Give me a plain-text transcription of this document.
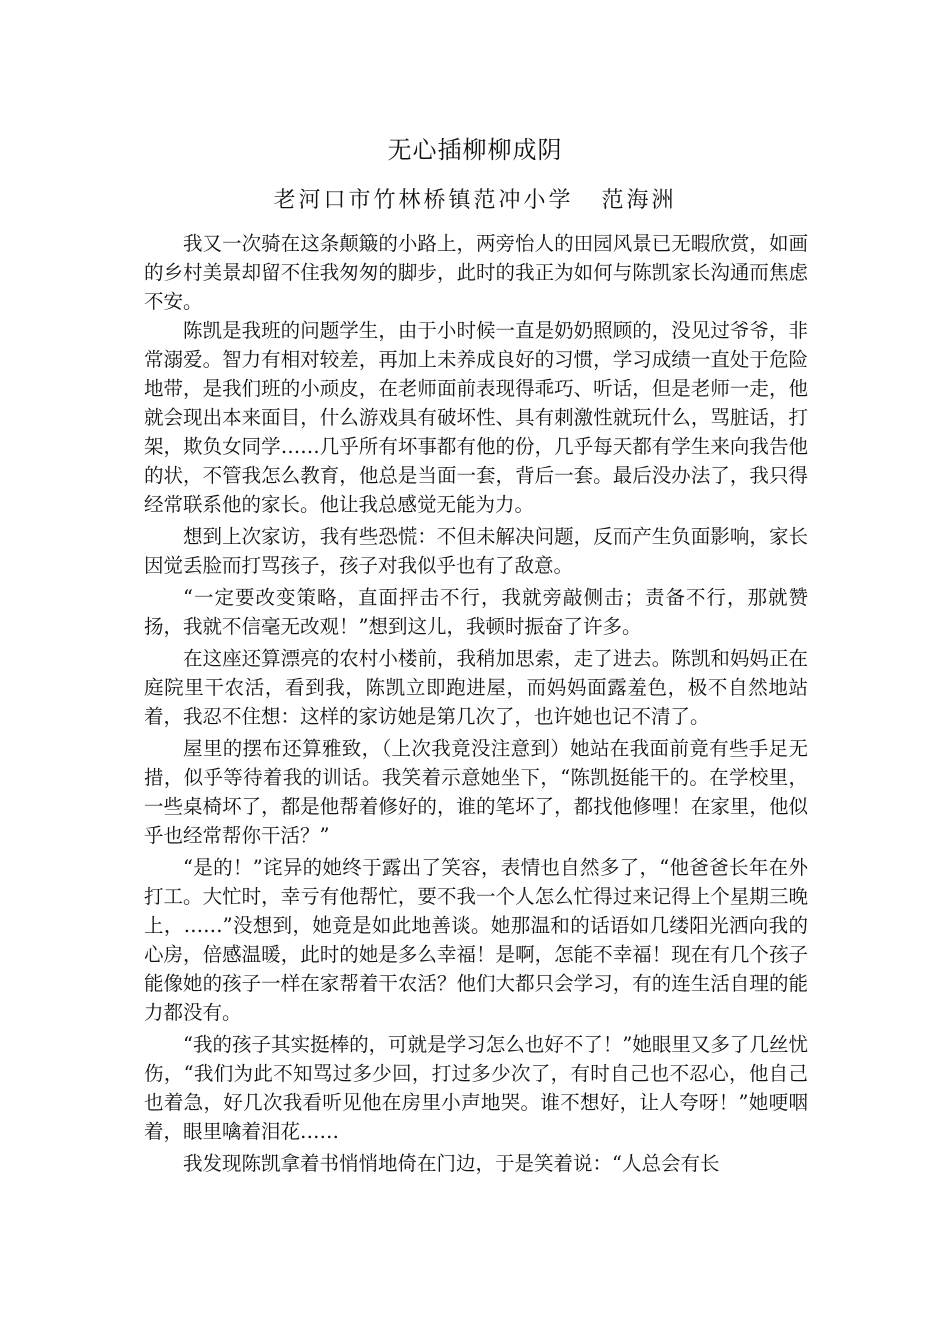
无心插柳柳成阴
老河口市竹林桥镇范冲小学 范海洲

我又一次骑在这条颠簸的小路上，两旁怡人的田园风景已无暇欣赏，如画的乡村美景却留不住我匆匆的脚步，此时的我正为如何与陈凯家长沟通而焦虑不安。

陈凯是我班的问题学生，由于小时候一直是奶奶照顾的，没见过爷爷，非常溺爱。智力有相对较差，再加上未养成良好的习惯，学习成绩一直处于危险地带，是我们班的小顽皮，在老师面前表现得乖巧、听话，但是老师一走，他就会现出本来面目，什么游戏具有破坏性、具有刺激性就玩什么，骂脏话，打架，欺负女同学……几乎所有坏事都有他的份，几乎每天都有学生来向我告他的状，不管我怎么教育，他总是当面一套，背后一套。最后没办法了，我只得经常联系他的家长。他让我总感觉无能为力。

想到上次家访，我有些恐慌：不但未解决问题，反而产生负面影响，家长因觉丢脸而打骂孩子，孩子对我似乎也有了敌意。

“一定要改变策略，直面抨击不行，我就旁敲侧击；责备不行，那就赞扬，我就不信毫无改观！”想到这儿，我顿时振奋了许多。

在这座还算漂亮的农村小楼前，我稍加思索，走了进去。陈凯和妈妈正在庭院里干农活，看到我，陈凯立即跑进屋，而妈妈面露羞色，极不自然地站着，我忍不住想：这样的家访她是第几次了，也许她也记不清了。

屋里的摆布还算雅致，（上次我竟没注意到）她站在我面前竟有些手足无措，似乎等待着我的训话。我笑着示意她坐下，“陈凯挺能干的。在学校里，一些桌椅坏了，都是他帮着修好的，谁的笔坏了，都找他修哩！在家里，他似乎也经常帮你干活？”

“是的！”诧异的她终于露出了笑容，表情也自然多了，“他爸爸长年在外打工。大忙时，幸亏有他帮忙，要不我一个人怎么忙得过来记得上个星期三晚上，……”没想到，她竟是如此地善谈。她那温和的话语如几缕阳光洒向我的心房，倍感温暖，此时的她是多么幸福！是啊，怎能不幸福！现在有几个孩子能像她的孩子一样在家帮着干农活？他们大都只会学习，有的连生活自理的能力都没有。

“我的孩子其实挺棒的，可就是学习怎么也好不了！”她眼里又多了几丝忧伤，“我们为此不知骂过多少回，打过多少次了，有时自己也不忍心，他自己也着急，好几次我看听见他在房里小声地哭。谁不想好，让人夸呀！”她哽咽着，眼里噙着泪花……

我发现陈凯拿着书悄悄地倚在门边，于是笑着说：“人总会有长
